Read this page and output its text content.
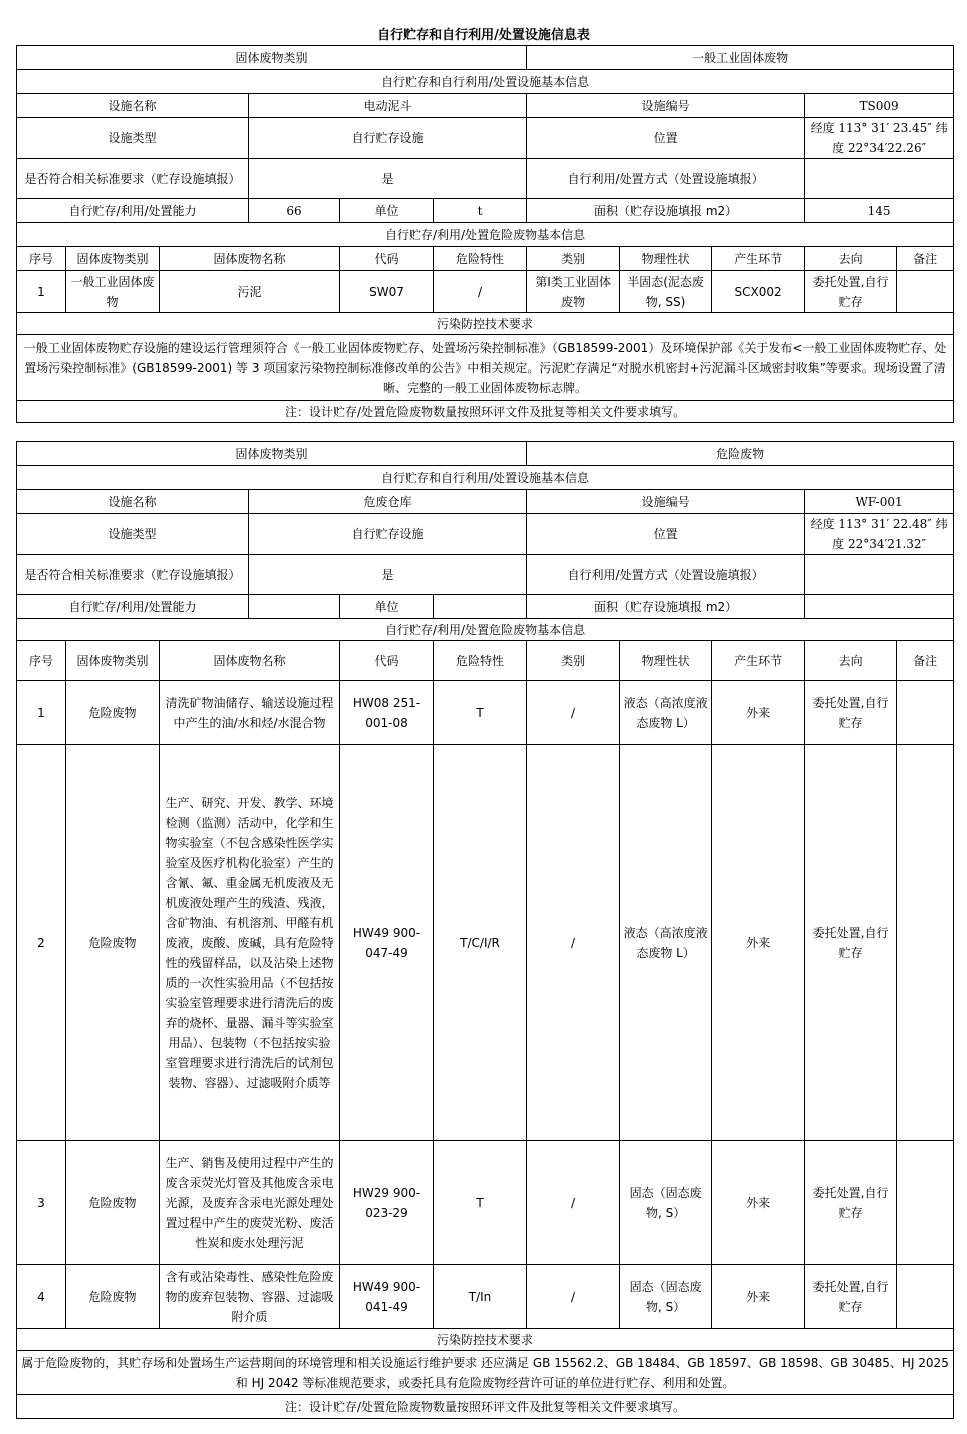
自行贮存和自行利用/处置设施信息表
固体废物类别						一般工业固体废物				
自行贮存和自行利用/处置设施基本信息										
设施名称			电动泥斗			设施编号			TS009	
设施类型			自行贮存设施			位置			经度 113° 31′ 23.45″ 纬度 22°34′22.26″	
是否符合相关标准要求（贮存设施填报）			是			自行利用/处置方式（处置设施填报）				
自行贮存/利用/处置能力			66	单位	t	面积（贮存设施填报 m2）			145	
自行贮存/利用/处置危险废物基本信息										
序号	固体废物类别	固体废物名称		代码	危险特性	类别	物理性状	产生环节	去向	备注
1	一般工业固体废物	污泥		SW07	/	第Ⅰ类工业固体废物	半固态(泥态废物, SS)	SCX002	委托处置,自行贮存	
污染防控技术要求										
一般工业固体废物贮存设施的建设运行管理须符合《一般工业固体废物贮存、处置场污染控制标准》（GB18599-2001）及环境保护部《关于发布<一般工业固体废物贮存、处置场污染控制标准》(GB18599-2001) 等 3 项国家污染物控制标准修改单的公告》中相关规定。污泥贮存满足“对脱水机密封+污泥漏斗区域密封收集”等要求。现场设置了清晰、完整的一般工业固体废物标志牌。										
注：设计贮存/处置危险废物数量按照环评文件及批复等相关文件要求填写。										
固体废物类别						危险废物				
自行贮存和自行利用/处置设施基本信息										
设施名称			危废仓库			设施编号			WF-001	
设施类型			自行贮存设施			位置			经度 113° 31′ 22.48″ 纬度 22°34′21.32″	
是否符合相关标准要求（贮存设施填报）			是			自行利用/处置方式（处置设施填报）				
自行贮存/利用/处置能力				单位		面积（贮存设施填报 m2）				
自行贮存/利用/处置危险废物基本信息										
序号	固体废物类别	固体废物名称		代码	危险特性	类别	物理性状	产生环节	去向	备注
1	危险废物	清洗矿物油储存、输送设施过程中产生的油/水和烃/水混合物		HW08 251-001-08	T	/	液态（高浓度液态废物 L）	外来	委托处置,自行贮存	
2	危险废物	生产、研究、开发、教学、环境检测（监测）活动中，化学和生物实验室（不包含感染性医学实验室及医疗机构化验室）产生的含氰、氟、重金属无机废液及无机废液处理产生的残渣、残液，含矿物油、有机溶剂、甲醛有机废液，废酸、废碱，具有危险特性的残留样品，以及沾染上述物质的一次性实验用品（不包括按实验室管理要求进行清洗后的废弃的烧杯、量器、漏斗等实验室用品）、包装物（不包括按实验室管理要求进行清洗后的试剂包装物、容器）、过滤吸附介质等		HW49 900-047-49	T/C/I/R	/	液态（高浓度液态废物 L）	外来	委托处置,自行贮存	
3	危险废物	生产、销售及使用过程中产生的废含汞荧光灯管及其他废含汞电光源，及废弃含汞电光源处理处置过程中产生的废荧光粉、废活性炭和废水处理污泥		HW29 900-023-29	T	/	固态（固态废物, S）	外来	委托处置,自行贮存	
4	危险废物	含有或沾染毒性、感染性危险废物的废弃包装物、容器、过滤吸附介质		HW49 900-041-49	T/In	/	固态（固态废物, S）	外来	委托处置,自行贮存	
污染防控技术要求										
属于危险废物的，其贮存场和处置场生产运营期间的环境管理和相关设施运行维护要求 还应满足 GB 15562.2、GB 18484、GB 18597、GB 18598、GB 30485、HJ 2025 和 HJ 2042 等标准规范要求，或委托具有危险废物经营许可证的单位进行贮存、利用和处置。										
注：设计贮存/处置危险废物数量按照环评文件及批复等相关文件要求填写。										
